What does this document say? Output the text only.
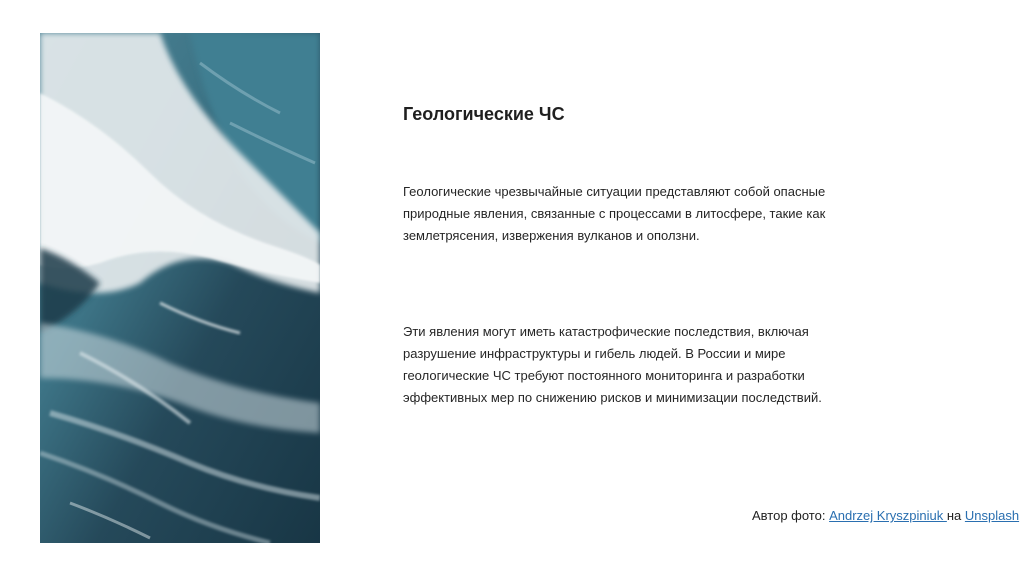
Геологические ЧС

Геологические чрезвычайные ситуации представляют собой опасные природные явления, связанные с процессами в литосфере, такие как землетрясения, извержения вулканов и оползни.

Эти явления могут иметь катастрофические последствия, включая разрушение инфраструктуры и гибель людей. В России и мире геологические ЧС требуют постоянного мониторинга и разработки эффективных мер по снижению рисков и минимизации последствий.

Автор фото: Andrzej Kryszpiniuk на Unsplash
